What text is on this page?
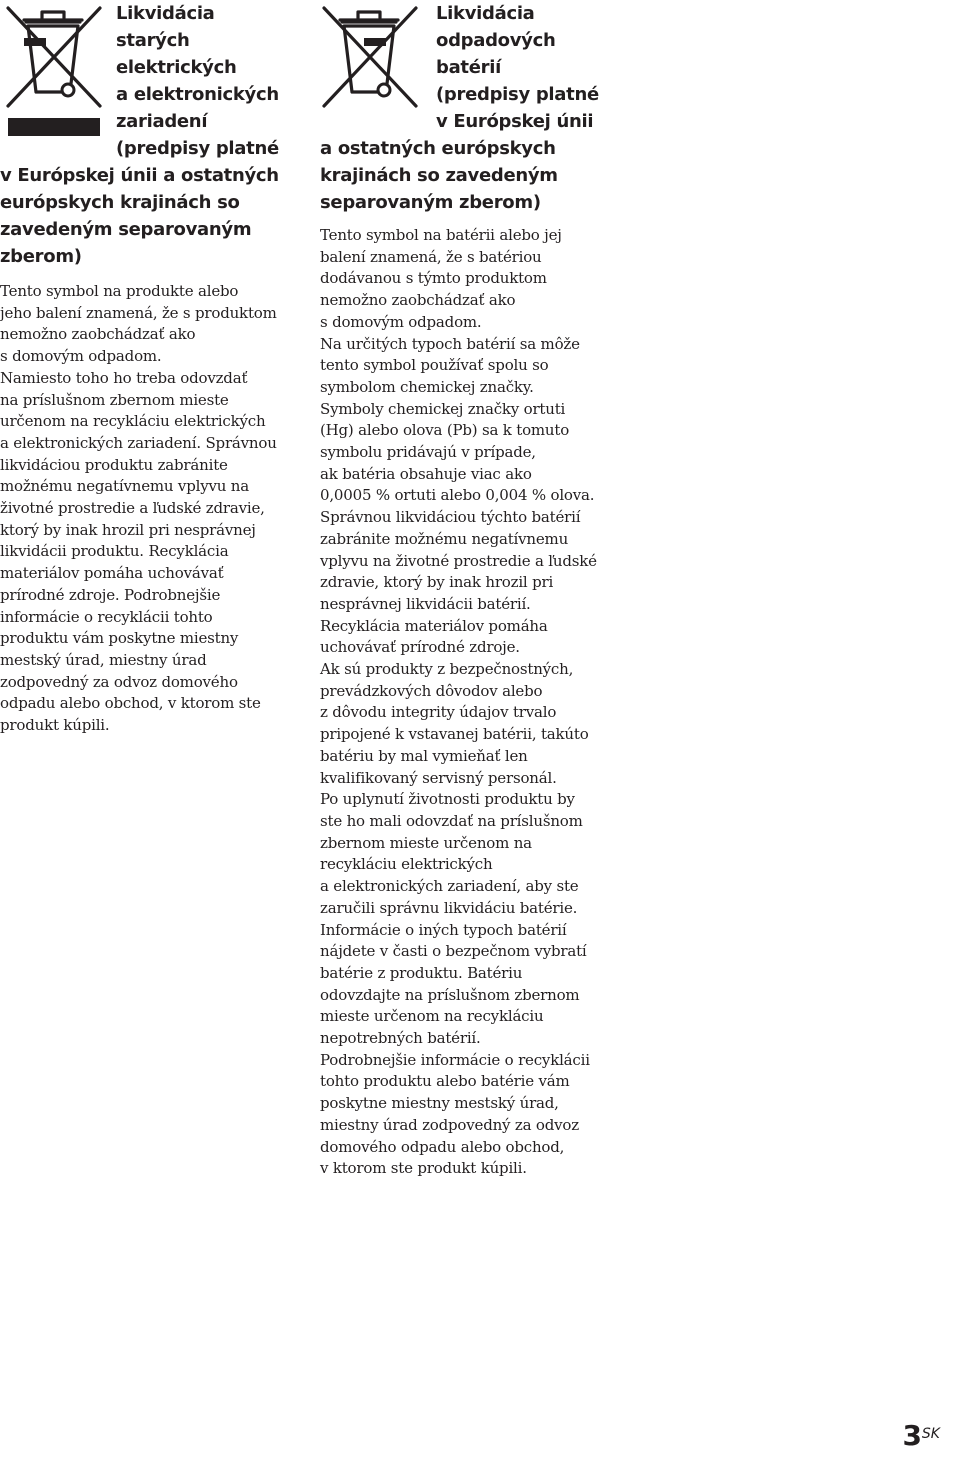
Likvidácia
starých
elektrických
a elektronických
zariadení
(predpisy platné
v Európskej únii a ostatných
európskych krajinách so
zavedeným separovaným
zberom)
Tento symbol na produkte alebo
jeho balení znamená, že s produktom
nemožno zaobchádzať ako
s domovým odpadom.
Namiesto toho ho treba odovzdať
na príslušnom zbernom mieste
určenom na recykláciu elektrických
a elektronických zariadení. Správnou
likvidáciou produktu zabránite
možnému negatívnemu vplyvu na
životné prostredie a ľudské zdravie,
ktorý by inak hrozil pri nesprávnej
likvidácii produktu. Recyklácia
materiálov pomáha uchovávať
prírodné zdroje. Podrobnejšie
informácie o recyklácii tohto
produktu vám poskytne miestny
mestský úrad, miestny úrad
zodpovedný za odvoz domového
odpadu alebo obchod, v ktorom ste
produkt kúpili.
Likvidácia
odpadových
batérií
(predpisy platné
v Európskej únii
a ostatných európskych
krajinách so zavedeným
separovaným zberom)
Tento symbol na batérii alebo jej
balení znamená, že s batériou
dodávanou s týmto produktom
nemožno zaobchádzať ako
s domovým odpadom.
Na určitých typoch batérií sa môže
tento symbol používať spolu so
symbolom chemickej značky.
Symboly chemickej značky ortuti
(Hg) alebo olova (Pb) sa k tomuto
symbolu pridávajú v prípade,
ak batéria obsahuje viac ako
0,0005 % ortuti alebo 0,004 % olova.
Správnou likvidáciou týchto batérií
zabránite možnému negatívnemu
vplyvu na životné prostredie a ľudské
zdravie, ktorý by inak hrozil pri
nesprávnej likvidácii batérií.
Recyklácia materiálov pomáha
uchovávať prírodné zdroje.
Ak sú produkty z bezpečnostných,
prevádzkových dôvodov alebo
z dôvodu integrity údajov trvalo
pripojené k vstavanej batérii, takúto
batériu by mal vymieňať len
kvalifikovaný servisný personál.
Po uplynutí životnosti produktu by
ste ho mali odovzdať na príslušnom
zbernom mieste určenom na
recykláciu elektrických
a elektronických zariadení, aby ste
zaručili správnu likvidáciu batérie.
Informácie o iných typoch batérií
nájdete v časti o bezpečnom vybratí
batérie z produktu. Batériu
odovzdajte na príslušnom zbernom
mieste určenom na recykláciu
nepotrebných batérií.
Podrobnejšie informácie o recyklácii
tohto produktu alebo batérie vám
poskytne miestny mestský úrad,
miestny úrad zodpovedný za odvoz
domového odpadu alebo obchod,
v ktorom ste produkt kúpili.
$3^{SK}$
